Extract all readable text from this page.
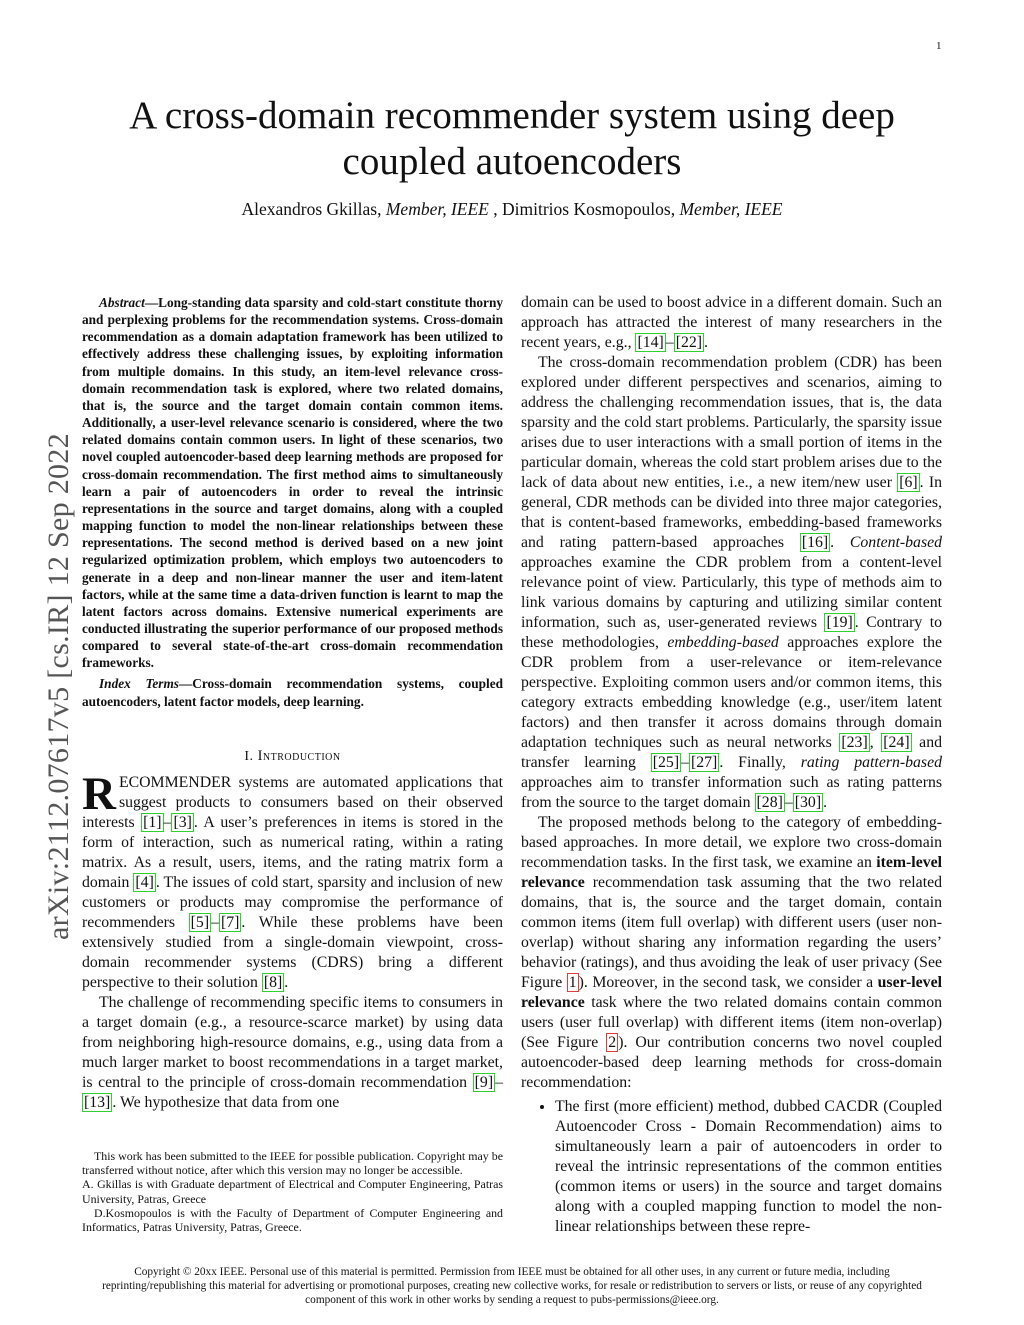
1
arXiv:2112.07617v5 [cs.IR] 12 Sep 2022
A cross-domain recommender system using deep coupled autoencoders
Alexandros Gkillas, Member, IEEE , Dimitrios Kosmopoulos, Member, IEEE

Abstract—Long-standing data sparsity and cold-start constitute thorny and perplexing problems for the recommendation systems. Cross-domain recommendation as a domain adaptation framework has been utilized to effectively address these challenging issues, by exploiting information from multiple domains. In this study, an item-level relevance cross-domain recommendation task is explored, where two related domains, that is, the source and the target domain contain common items. Additionally, a user-level relevance scenario is considered, where the two related domains contain common users. In light of these scenarios, two novel coupled autoencoder-based deep learning methods are proposed for cross-domain recommendation. The first method aims to simultaneously learn a pair of autoencoders in order to reveal the intrinsic representations in the source and target domains, along with a coupled mapping function to model the non-linear relationships between these representations. The second method is derived based on a new joint regularized optimization problem, which employs two autoencoders to generate in a deep and non-linear manner the user and item-latent factors, while at the same time a data-driven function is learnt to map the latent factors across domains. Extensive numerical experiments are conducted illustrating the superior performance of our proposed methods compared to several state-of-the-art cross-domain recommendation frameworks.

Index Terms—Cross-domain recommendation systems, coupled autoencoders, latent factor models, deep learning.

I. Introduction

RECOMMENDER systems are automated applications that suggest products to consumers based on their observed interests [1] – [3] . A user’s preferences in items is stored in the form of interaction, such as numerical rating, within a rating matrix. As a result, users, items, and the rating matrix form a domain [4] . The issues of cold start, sparsity and inclusion of new customers or products may compromise the performance of recommenders [5] – [7] . While these problems have been extensively studied from a single-domain viewpoint, cross-domain recommender systems (CDRS) bring a different perspective to their solution [8] .

The challenge of recommending specific items to consumers in a target domain (e.g., a resource-scarce market) by using data from neighboring high-resource domains, e.g., using data from a much larger market to boost recommendations in a target market, is central to the principle of cross-domain recommendation [9] –[13] . We hypothesize that data from one

This work has been submitted to the IEEE for possible publication. Copyright may be transferred without notice, after which this version may no longer be accessible.

A. Gkillas is with Graduate department of Electrical and Computer Engineering, Patras University, Patras, Greece

D.Kosmopoulos is with the Faculty of Department of Computer Engineering and Informatics, Patras University, Patras, Greece.

domain can be used to boost advice in a different domain. Such an approach has attracted the interest of many researchers in the recent years, e.g., [14] – [22] .

The cross-domain recommendation problem (CDR) has been explored under different perspectives and scenarios, aiming to address the challenging recommendation issues, that is, the data sparsity and the cold start problems. Particularly, the sparsity issue arises due to user interactions with a small portion of items in the particular domain, whereas the cold start problem arises due to the lack of data about new entities, i.e., a new item/new user [6] . In general, CDR methods can be divided into three major categories, that is content-based frameworks, embedding-based frameworks and rating pattern-based approaches [16] . Content-based approaches examine the CDR problem from a content-level relevance point of view. Particularly, this type of methods aim to link various domains by capturing and utilizing similar content information, such as, user-generated reviews [19] . Contrary to these methodologies, embedding-based approaches explore the CDR problem from a user-relevance or item-relevance perspective. Exploiting common users and/or common items, this category extracts embedding knowledge (e.g., user/item latent factors) and then transfer it across domains through domain adaptation techniques such as neural networks [23] , [24] and transfer learning [25] – [27] . Finally, rating pattern-based approaches aim to transfer information such as rating patterns from the source to the target domain [28] – [30] .

The proposed methods belong to the category of embedding-based approaches. In more detail, we explore two cross-domain recommendation tasks. In the first task, we examine an item-level relevance recommendation task assuming that the two related domains, that is, the source and the target domain, contain common items (item full overlap) with different users (user non-overlap) without sharing any information regarding the users’ behavior (ratings), and thus avoiding the leak of user privacy (See Figure 1 ). Moreover, in the second task, we consider a user-level relevance task where the two related domains contain common users (user full overlap) with different items (item non-overlap) (See Figure 2 ). Our contribution concerns two novel coupled autoencoder-based deep learning methods for cross-domain recommendation:

• The first (more efficient) method, dubbed CACDR (Coupled Autoencoder Cross - Domain Recommendation) aims to simultaneously learn a pair of autoencoders in order to reveal the intrinsic representations of the common entities (common items or users) in the source and target domains along with a coupled mapping function to model the non-linear relationships between these repre-
Copyright © 20xx IEEE. Personal use of this material is permitted. Permission from IEEE must be obtained for all other uses, in any current or future media, including reprinting/republishing this material for advertising or promotional purposes, creating new collective works, for resale or redistribution to servers or lists, or reuse of any copyrighted component of this work in other works by sending a request to pubs-permissions@ieee.org.
